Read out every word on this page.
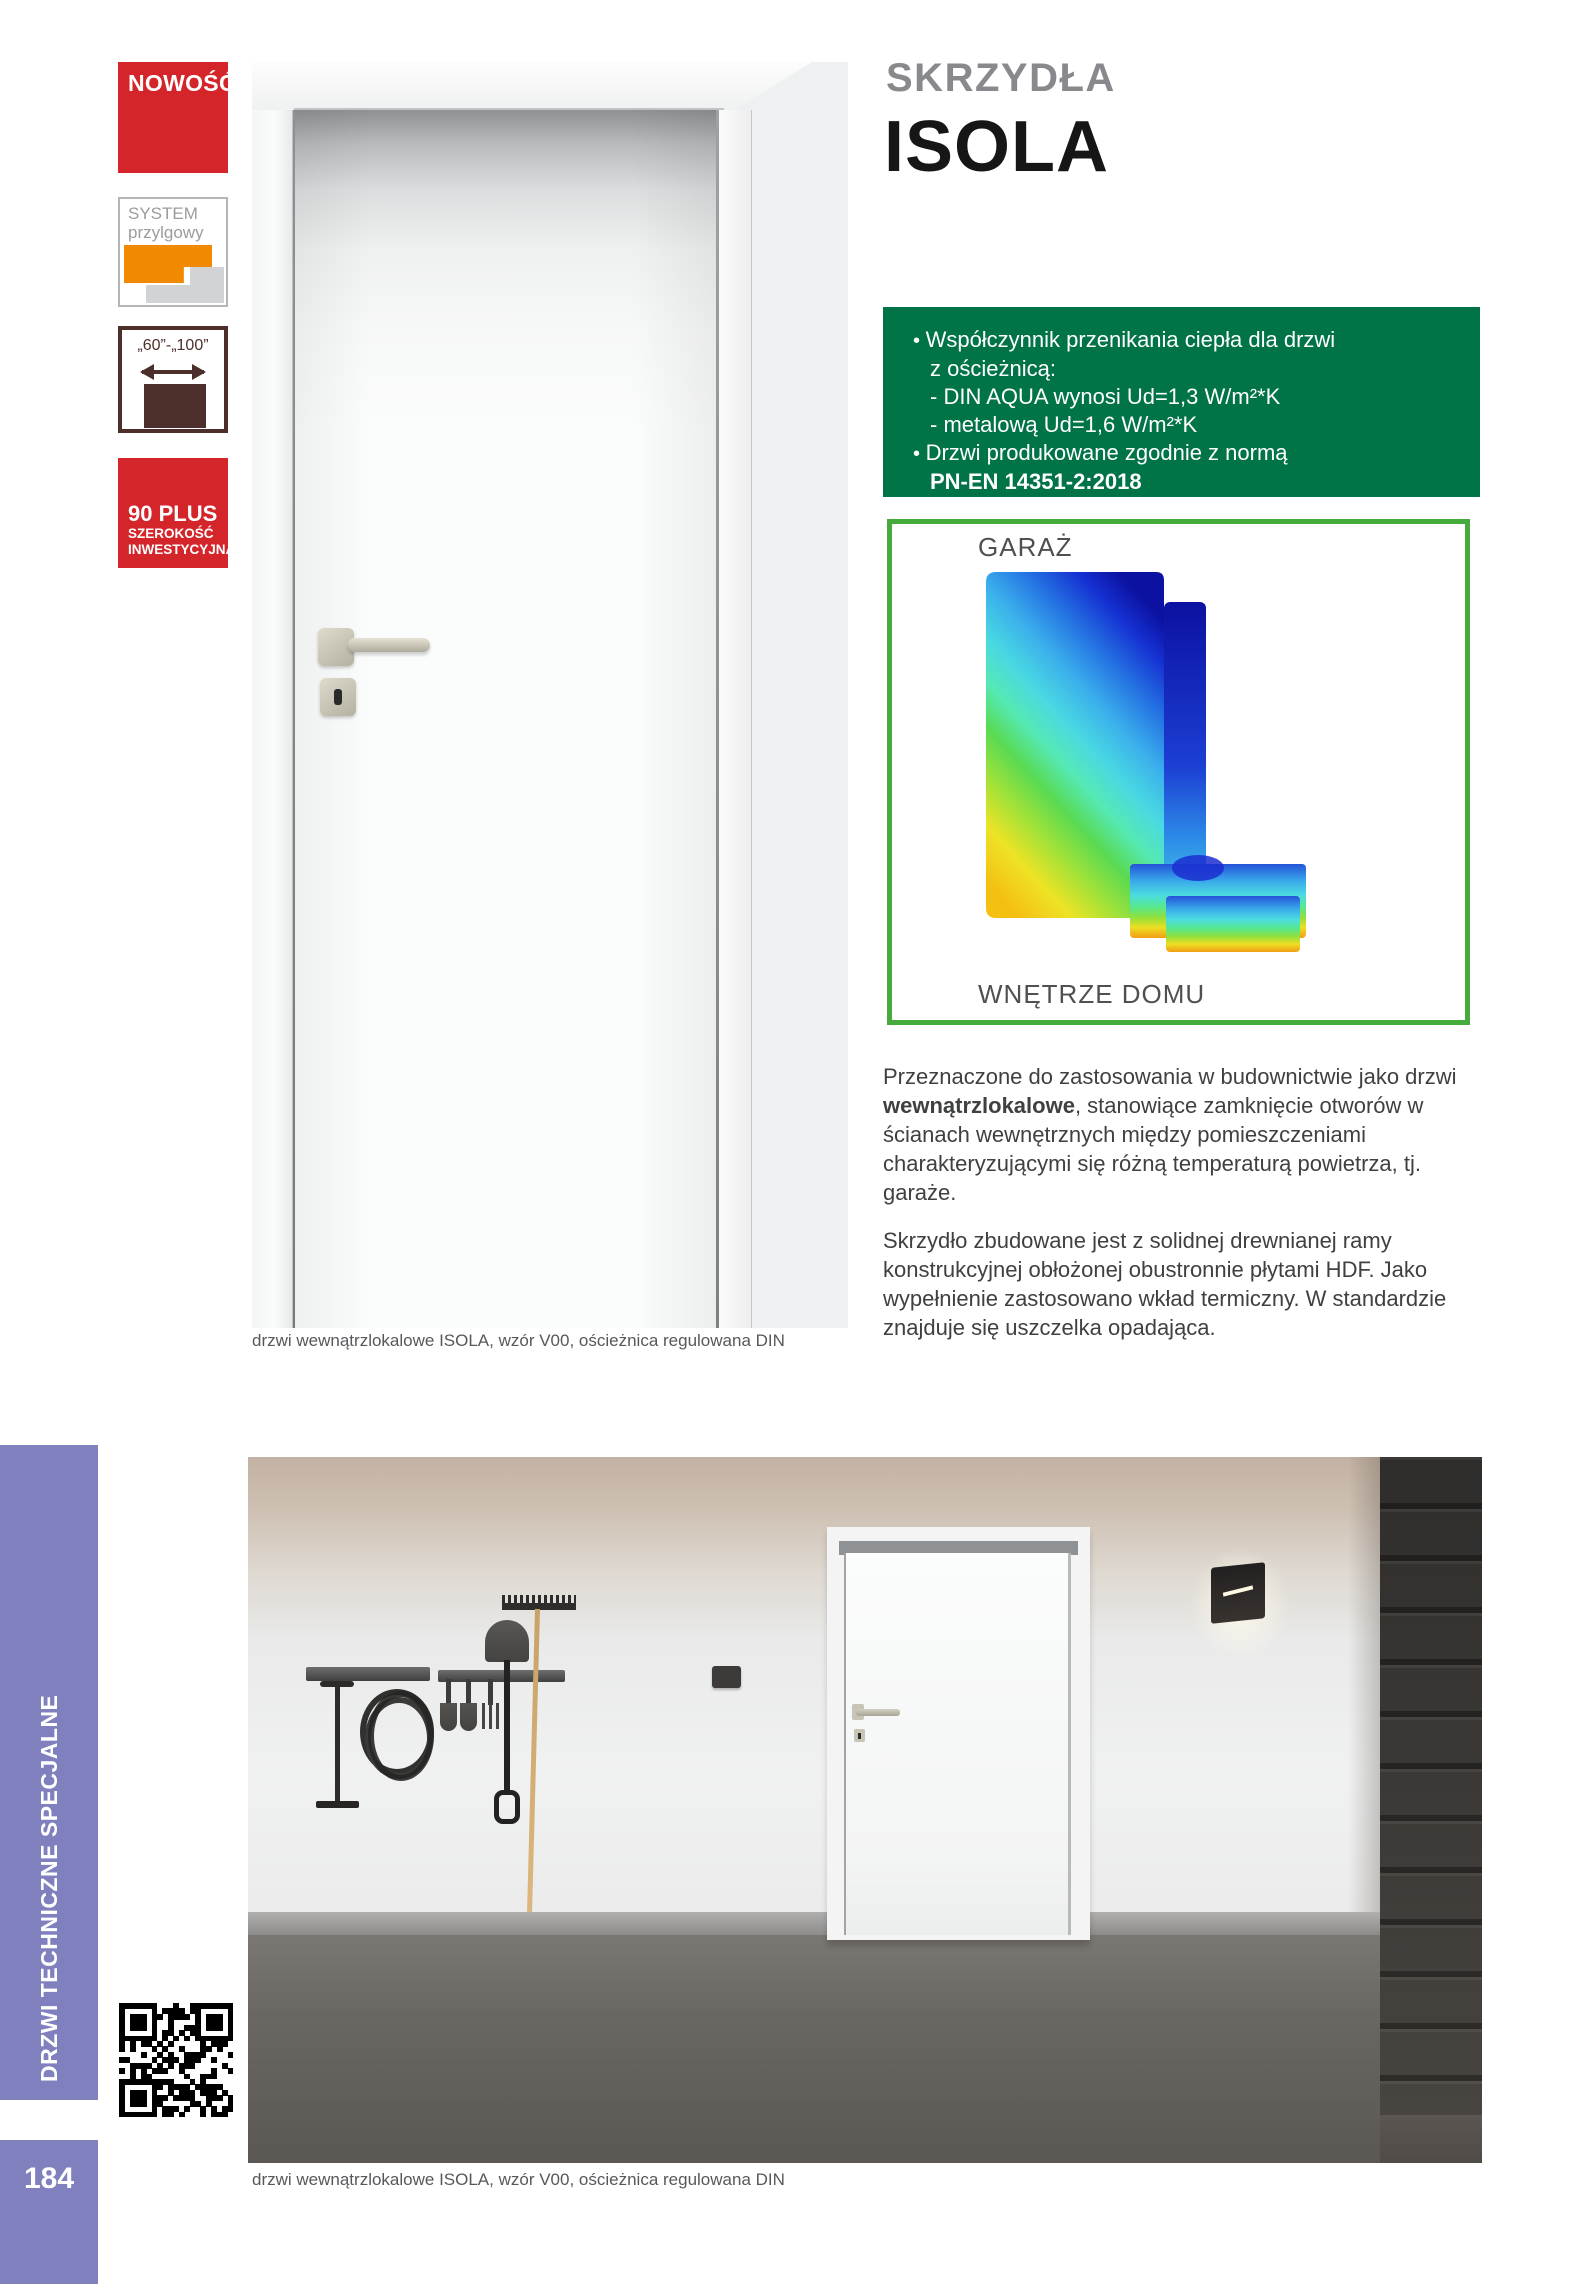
NOWOŚĆ
SYSTEM
przylgowy
„60”-„100”
90 PLUS
SZEROKOŚĆ
INWESTYCYJNA
drzwi wewnątrzlokalowe ISOLA, wzór V00, ościeżnica regulowana DIN
SKRZYDŁA
ISOLA
• Współczynnik przenikania ciepła dla drzwi
z ościeżnicą:
- DIN AQUA wynosi Ud=1,3 W/m²*K
- metalową Ud=1,6 W/m²*K
• Drzwi produkowane zgodnie z normą
PN-EN 14351-2:2018
GARAŻ
WNĘTRZE DOMU

Przeznaczone do zastosowania w budownictwie jako drzwi wewnątrzlokalowe, stanowiące zamknięcie otworów w ścianach wewnętrznych między pomieszczeniami charakteryzującymi się różną temperaturą powietrza, tj. garaże.

Skrzydło zbudowane jest z solidnej drewnianej ramy konstrukcyjnej obłożonej obustronnie płytami HDF. Jako wypełnienie zastosowano wkład termiczny. W standardzie znajduje się uszczelka opadająca.

drzwi wewnątrzlokalowe ISOLA, wzór V00, ościeżnica regulowana DIN
DRZWI TECHNICZNE SPECJALNE
184
